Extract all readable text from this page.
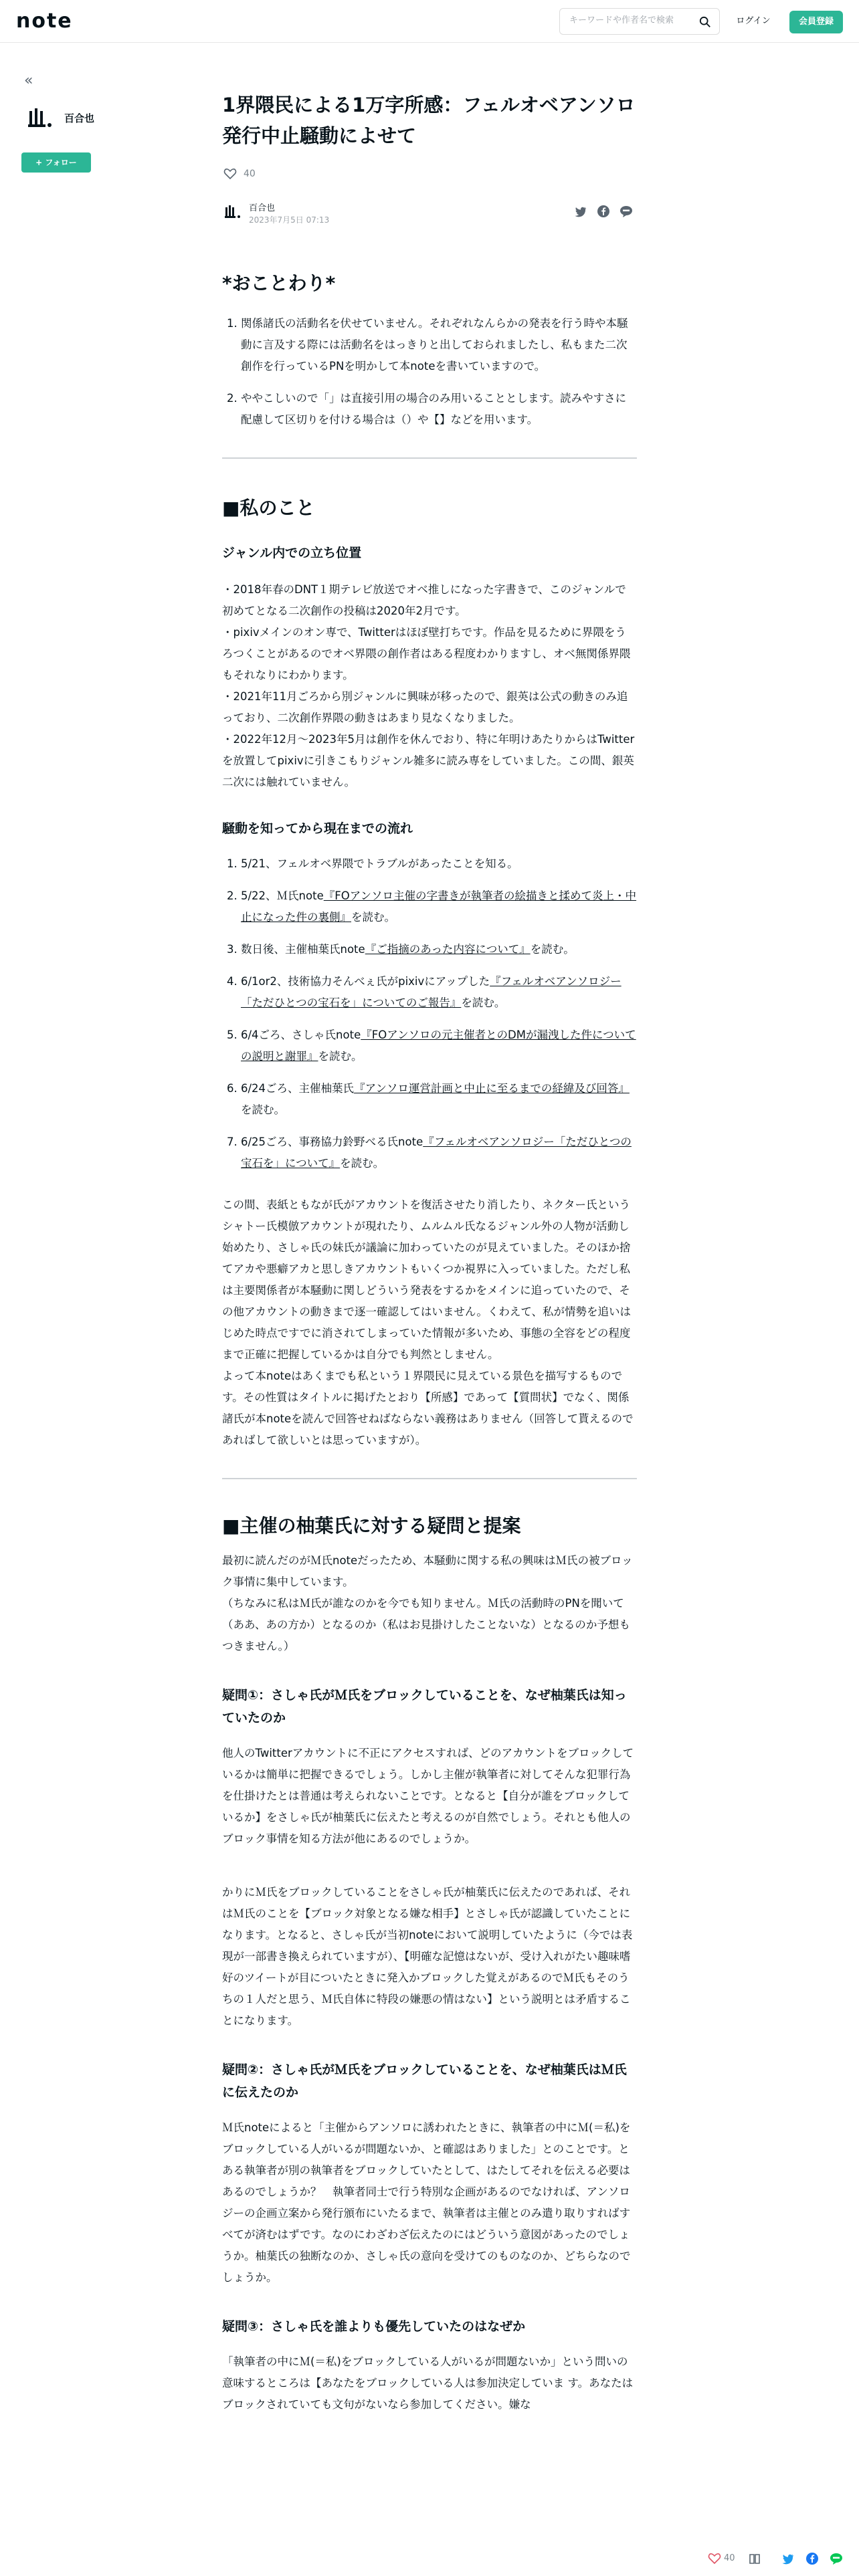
note
キーワードや作者名で検索	ログイン	会員登録
«
百合也
+ フォロー
1界隈民による1万字所感：フェルオベアンソロ発行中止騒動によせて
40
百合也
2023年7月5日 07:13
*おことわり*
1. 関係諸氏の活動名を伏せていません。それぞれなんらかの発表を行う時や本騒動に言及する際には活動名をはっきりと出しておられましたし、私もまた二次創作を行っているPNを明かして本noteを書いていますので。
2. ややこしいので「」は直接引用の場合のみ用いることとします。読みやすさに配慮して区切りを付ける場合は（）や【】などを用います。
■私のこと
ジャンル内での立ち位置

・2018年春のDNT１期テレビ放送でオベ推しになった字書きで、このジャンルで初めてとなる二次創作の投稿は2020年2月です。
・pixivメインのオン専で、Twitterはほぼ壁打ちです。作品を見るために界隈をうろつくことがあるのでオベ界隈の創作者はある程度わかりますし、オベ無関係界隈もそれなりにわかります。
・2021年11月ごろから別ジャンルに興味が移ったので、銀英は公式の動きのみ追っており、二次創作界隈の動きはあまり見なくなりました。
・2022年12月〜2023年5月は創作を休んでおり、特に年明けあたりからはTwitterを放置してpixivに引きこもりジャンル雑多に読み専をしていました。この間、銀英二次には触れていません。

騒動を知ってから現在までの流れ
1. 5/21、フェルオベ界隈でトラブルがあったことを知る。
2. 5/22、Ｍ氏note『FOアンソロ主催の字書きが執筆者の絵描きと揉めて炎上・中止になった件の裏側』を読む。
3. 数日後、主催柚葉氏note『ご指摘のあった内容について』を読む。
4. 6/1or2、技術協力そんべぇ氏がpixivにアップした『フェルオベアンソロジー「ただひとつの宝石を」についてのご報告』を読む。
5. 6/4ごろ、さしゃ氏note『FOアンソロの元主催者とのDMが漏洩した件についての説明と謝罪』を読む。
6. 6/24ごろ、主催柚葉氏『アンソロ運営計画と中止に至るまでの経緯及び回答』を読む。
7. 6/25ごろ、事務協力鈴野べる氏note『フェルオベアンソロジー「ただひとつの宝石を」について』を読む。

この間、表紙ともなが氏がアカウントを復活させたり消したり、ネクター氏というシャトー氏模倣アカウントが現れたり、ムルムル氏なるジャンル外の人物が活動し始めたり、さしゃ氏の妹氏が議論に加わっていたのが見えていました。そのほか捨てアカや悪癖アカと思しきアカウントもいくつか視界に入っていました。ただし私は主要関係者が本騒動に関しどういう発表をするかをメインに追っていたので、その他アカウントの動きまで逐一確認してはいません。くわえて、私が情勢を追いはじめた時点ですでに消されてしまっていた情報が多いため、事態の全容をどの程度まで正確に把握しているかは自分でも判然としません。
よって本noteはあくまでも私という１界隈民に見えている景色を描写するものです。その性質はタイトルに掲げたとおり【所感】であって【質問状】でなく、関係諸氏が本noteを読んで回答せねばならない義務はありません（回答して貰えるのであればして欲しいとは思っていますが）。

■主催の柚葉氏に対する疑問と提案

最初に読んだのがＭ氏noteだったため、本騒動に関する私の興味はＭ氏の被ブロック事情に集中しています。
（ちなみに私はＭ氏が誰なのかを今でも知りません。Ｍ氏の活動時のPNを聞いて（ああ、あの方か）となるのか（私はお見掛けしたことないな）となるのか予想もつきません。）

疑問①：さしゃ氏がＭ氏をブロックしていることを、なぜ柚葉氏は知っていたのか

他人のTwitterアカウントに不正にアクセスすれば、どのアカウントをブロックしているかは簡単に把握できるでしょう。しかし主催が執筆者に対してそんな犯罪行為を仕掛けたとは普通は考えられないことです。となると【自分が誰をブロックしているか】をさしゃ氏が柚葉氏に伝えたと考えるのが自然でしょう。それとも他人のブロック事情を知る方法が他にあるのでしょうか。

かりにＭ氏をブロックしていることをさしゃ氏が柚葉氏に伝えたのであれば、それはＭ氏のことを【ブロック対象となる嫌な相手】とさしゃ氏が認識していたことになります。となると、さしゃ氏が当初noteにおいて説明していたように（今では表現が一部書き換えられていますが）、【明確な記憶はないが、受け入れがたい趣味嗜好のツイートが目についたときに発入かブロックした覚えがあるのでＭ氏もそのうちの１人だと思う、Ｍ氏自体に特段の嫌悪の情はない】という説明とは矛盾することになります。

疑問②：さしゃ氏がＭ氏をブロックしていることを、なぜ柚葉氏はＭ氏に伝えたのか

Ｍ氏noteによると「主催からアンソロに誘われたときに、執筆者の中にＭ(＝私)をブロックしている人がいるが問題ないか、と確認はありました」とのことです。とある執筆者が別の執筆者をブロックしていたとして、はたしてそれを伝える必要はあるのでしょうか？　執筆者同士で行う特別な企画があるのでなければ、アンソロジーの企画立案から発行頒布にいたるまで、執筆者は主催とのみ遣り取りすればすべてが済むはずです。なのにわざわざ伝えたのにはどういう意図があったのでしょうか。柚葉氏の独断なのか、さしゃ氏の意向を受けてのものなのか、どちらなのでしょうか。

疑問③：さしゃ氏を誰よりも優先していたのはなぜか

「執筆者の中にＭ(＝私)をブロックしている人がいるが問題ないか」という問いの意味するところは【あなたをブロックしている人は参加決定していま す。あなたはブロックされていても文句がないなら参加してください。嫌な

40
